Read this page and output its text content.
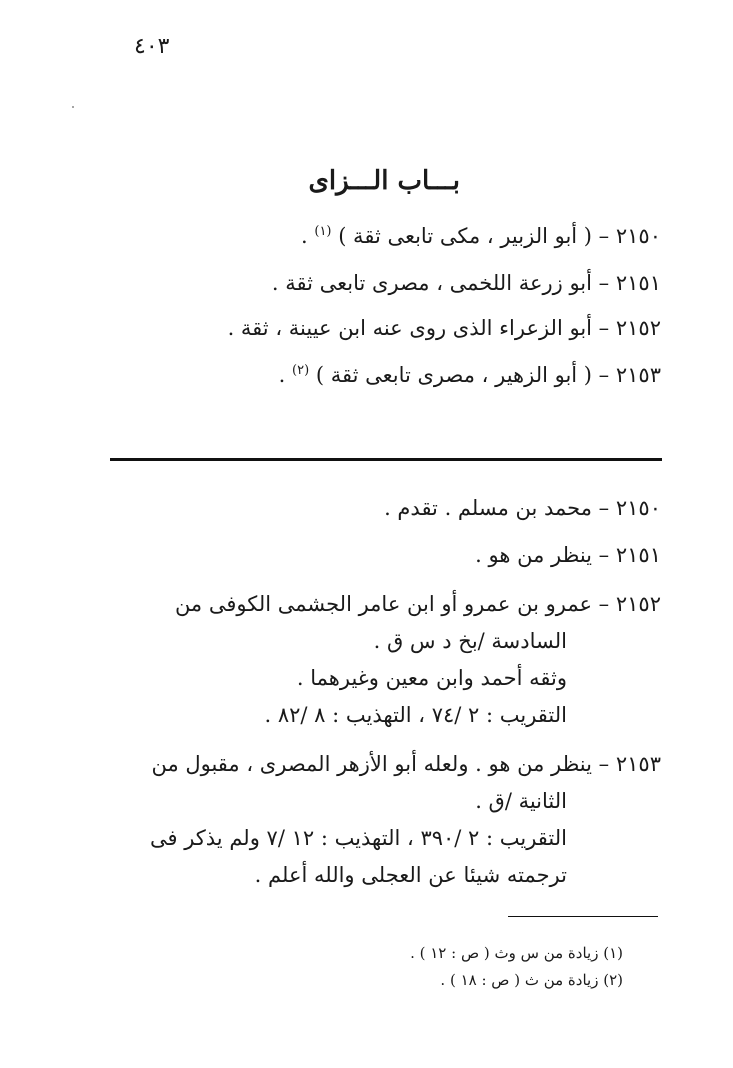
٤٠٣
بـــاب الـــزاى
٢١٥٠ – ( أبو الزبير ، مكى تابعى ثقة ) $^{(١)}$ .
٢١٥١ – أبو زرعة اللخمى ، مصرى تابعى ثقة .
٢١٥٢ – أبو الزعراء الذى روى عنه ابن عيينة ، ثقة .
٢١٥٣ – ( أبو الزهير ، مصرى تابعى ثقة ) $^{(٢)}$ .
٢١٥٠ – محمد بن مسلم . تقدم .
٢١٥١ – ينظر من هو .
٢١٥٢ – عمرو بن عمرو أو ابن عامر الجشمى الكوفى من
السادسة /بخ د س ق .
وثقه أحمد وابن معين وغيرهما .
التقريب : ٢ /٧٤ ، التهذيب : ٨ /٨٢ .
٢١٥٣ – ينظر من هو . ولعله أبو الأزهر المصرى ، مقبول من
الثانية /ق .
التقريب : ٢ /٣٩٠ ، التهذيب : ١٢ /٧ ولم يذكر فى
ترجمته شيئا عن العجلى والله أعلم .
(١) زيادة من س وث ( ص : ١٢ ) .
(٢) زيادة من ث ( ص : ١٨ ) .
